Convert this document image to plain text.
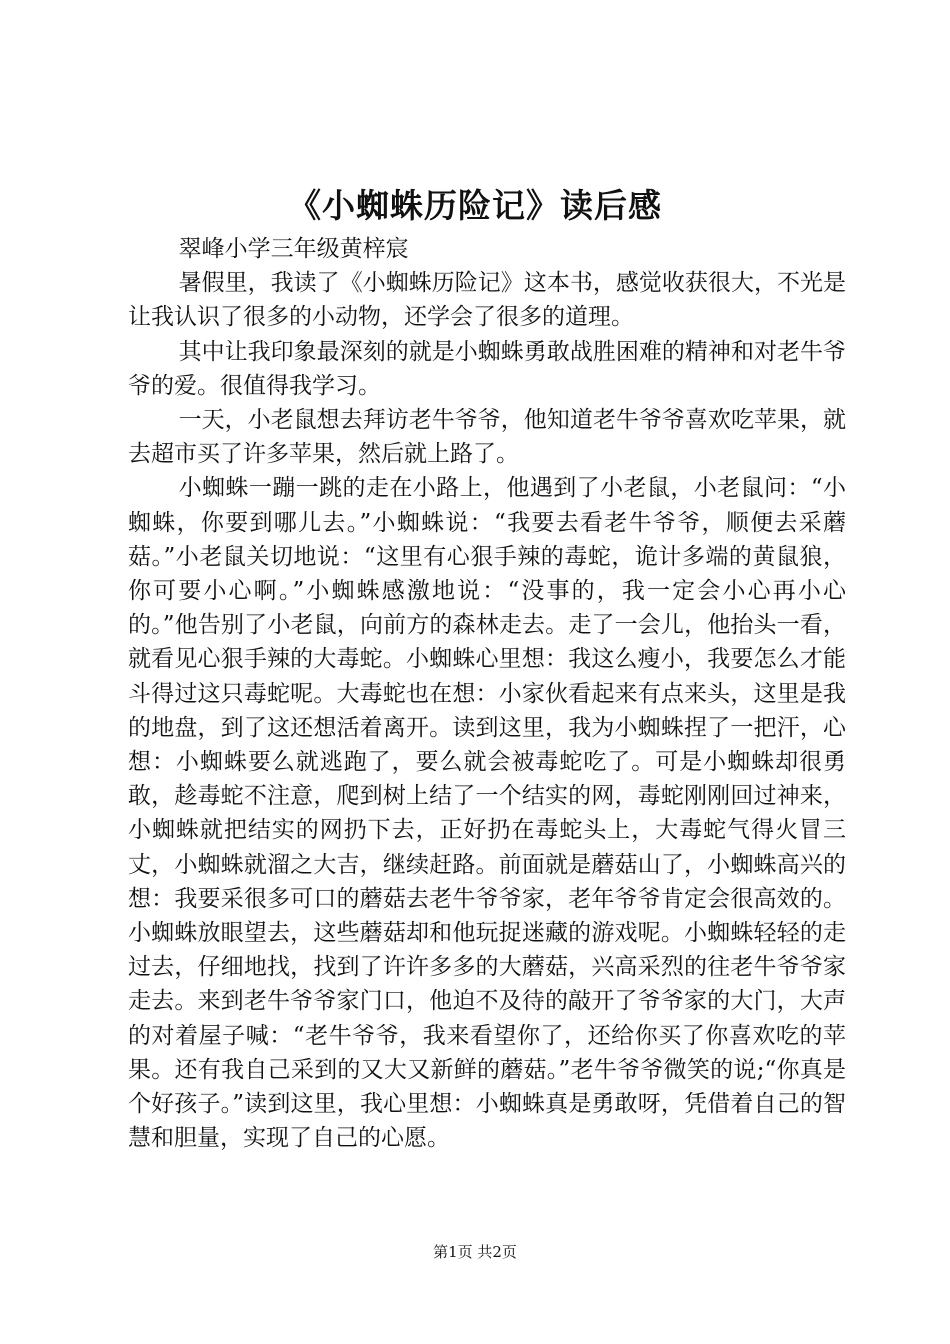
《小蜘蛛历险记》读后感

翠峰小学三年级黄梓宸

暑假里，我读了《小蜘蛛历险记》这本书，感觉收获很大，不光是让我认识了很多的小动物，还学会了很多的道理。

其中让我印象最深刻的就是小蜘蛛勇敢战胜困难的精神和对老牛爷爷的爱。很值得我学习。

一天，小老鼠想去拜访老牛爷爷，他知道老牛爷爷喜欢吃苹果，就去超市买了许多苹果，然后就上路了。

小蜘蛛一蹦一跳的走在小路上，他遇到了小老鼠，小老鼠问：“小蜘蛛，你要到哪儿去。”小蜘蛛说：“我要去看老牛爷爷，顺便去采蘑菇。”小老鼠关切地说：“这里有心狠手辣的毒蛇，诡计多端的黄鼠狼，你可要小心啊。”小蜘蛛感激地说：“没事的，我一定会小心再小心的。”他告别了小老鼠，向前方的森林走去。走了一会儿，他抬头一看，就看见心狠手辣的大毒蛇。小蜘蛛心里想：我这么瘦小，我要怎么才能斗得过这只毒蛇呢。大毒蛇也在想：小家伙看起来有点来头，这里是我的地盘，到了这还想活着离开。读到这里，我为小蜘蛛捏了一把汗，心想：小蜘蛛要么就逃跑了，要么就会被毒蛇吃了。可是小蜘蛛却很勇敢，趁毒蛇不注意，爬到树上结了一个结实的网，毒蛇刚刚回过神来，小蜘蛛就把结实的网扔下去，正好扔在毒蛇头上，大毒蛇气得火冒三丈，小蜘蛛就溜之大吉，继续赶路。前面就是蘑菇山了，小蜘蛛高兴的想：我要采很多可口的蘑菇去老牛爷爷家，老年爷爷肯定会很高效的。小蜘蛛放眼望去，这些蘑菇却和他玩捉迷藏的游戏呢。小蜘蛛轻轻的走过去，仔细地找，找到了许许多多的大蘑菇，兴高采烈的往老牛爷爷家走去。来到老牛爷爷家门口，他迫不及待的敲开了爷爷家的大门，大声的对着屋子喊：“老牛爷爷，我来看望你了，还给你买了你喜欢吃的苹果。还有我自己采到的又大又新鲜的蘑菇。”老牛爷爷微笑的说;“你真是个好孩子。”读到这里，我心里想：小蜘蛛真是勇敢呀，凭借着自己的智慧和胆量，实现了自己的心愿。

第1页 共2页
